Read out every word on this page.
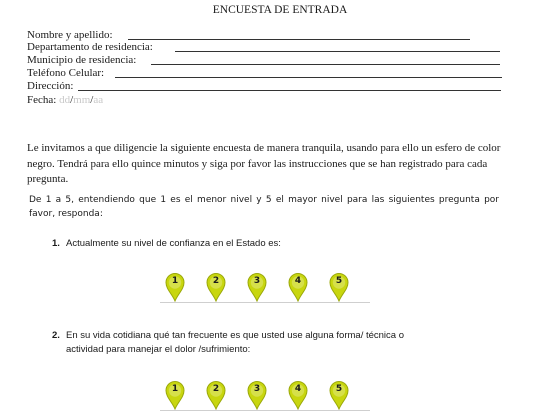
ENCUESTA DE ENTRADA
Nombre y apellido:
Departamento de residencia:
Municipio de residencia:
Teléfono Celular:
Dirección:
Fecha: dd/mm/aa
Le invitamos a que diligencie la siguiente encuesta de manera tranquila, usando para ello un esfero de color negro. Tendrá para ello quince minutos y siga por favor las instrucciones que se han registrado para cada pregunta.
De 1 a 5, entendiendo que 1 es el menor nivel y 5 el mayor nivel para las siguientes pregunta por favor, responda:
1. Actualmente su nivel de confianza en el Estado es:
1	2	3	4	5
2. En su vida cotidiana qué tan frecuente es que usted use alguna forma/ técnica o
actividad para manejar el dolor /sufrimiento:
1	2	3	4	5
